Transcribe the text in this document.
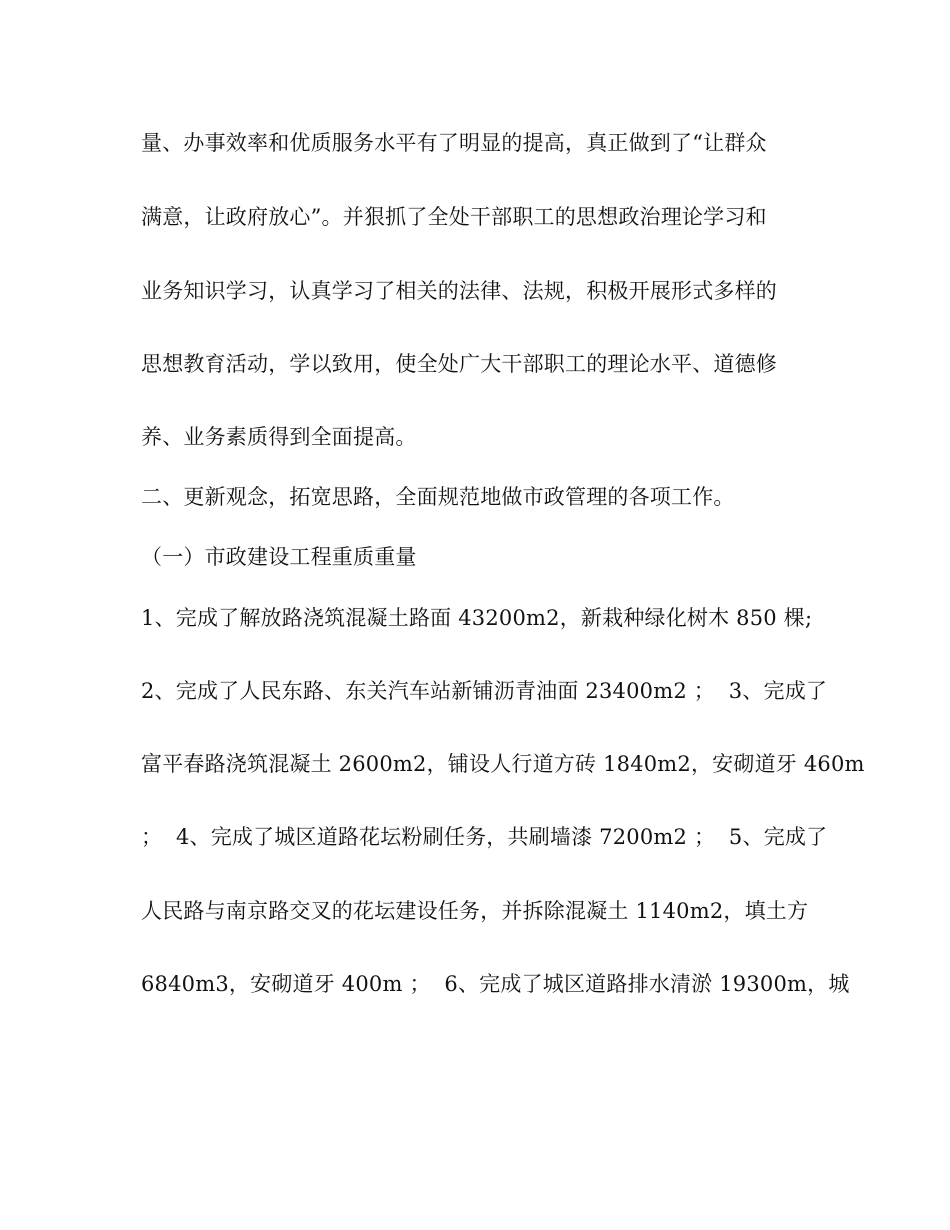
量、办事效率和优质服务水平有了明显的提高，真正做到了“让群众
满意，让政府放心”。并狠抓了全处干部职工的思想政治理论学习和
业务知识学习，认真学习了相关的法律、法规，积极开展形式多样的
思想教育活动，学以致用，使全处广大干部职工的理论水平、道德修
养、业务素质得到全面提高。
二、更新观念，拓宽思路，全面规范地做市政管理的各项工作。
（一）市政建设工程重质重量
1、完成了解放路浇筑混凝土路面 43200m2，新栽种绿化树木 850 棵;
2、完成了人民东路、东关汽车站新铺沥青油面 23400m2 ；  3、完成了
富平春路浇筑混凝土 2600m2，铺设人行道方砖 1840m2，安砌道牙 460m
；  4、完成了城区道路花坛粉刷任务，共刷墙漆 7200m2 ；  5、完成了
人民路与南京路交叉的花坛建设任务，并拆除混凝土 1140m2，填土方
6840m3，安砌道牙 400m ；  6、完成了城区道路排水清淤 19300m，城
